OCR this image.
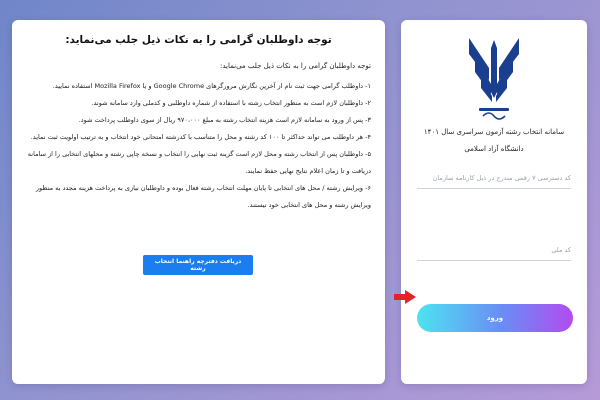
توجه داوطلبان گرامی را به نکات ذیل جلب می‌نماید:
توجه داوطلبان گرامی را به نکات ذیل جلب می‌نماید:

۱- داوطلب گرامی جهت ثبت نام از آخرین نگارش مرورگرهای Google Chrome و یا Mozilla Firefox استفاده نمایید.

۲- داوطلبان لازم است به منظور انتخاب رشته با استفاده از شماره داوطلبی و کدملی وارد سامانه شوند.

۳- پس از ورود به سامانه لازم است هزینه انتخاب رشته به مبلغ ۹۷۰،۰۰۰ ریال از سوی داوطلب پرداخت شود.

۴- هر داوطلب می تواند حداکثر تا ۱۰۰ کد رشته و محل را متناسب با کدرشته امتحانی خود انتخاب و به ترتیب اولویت ثبت نماید.

۵- داوطلبان پس از انتخاب رشته و محل لازم است گزینه ثبت نهایی را انتخاب و نسخه چاپی رشته و محلهای انتخابی را از سامانه دریافت و تا زمان اعلام نتایج نهایی حفظ نمایند.

۶- ویرایش رشته / محل های انتخابی تا پایان مهلت انتخاب رشته فعال بوده و داوطلبان نیازی به پرداخت هزینه مجدد به منظور ویرایش رشته و محل های انتخابی خود نیستند.

دریافت دفترچه راهنما انتخاب رشته
سامانه انتخاب رشته آزمون سراسری سال ۱۴۰۱
دانشگاه آزاد اسلامی
کد دسترسی ۷ رقمی مندرج در ذیل کارنامه سازمان
کد ملی
ورود
